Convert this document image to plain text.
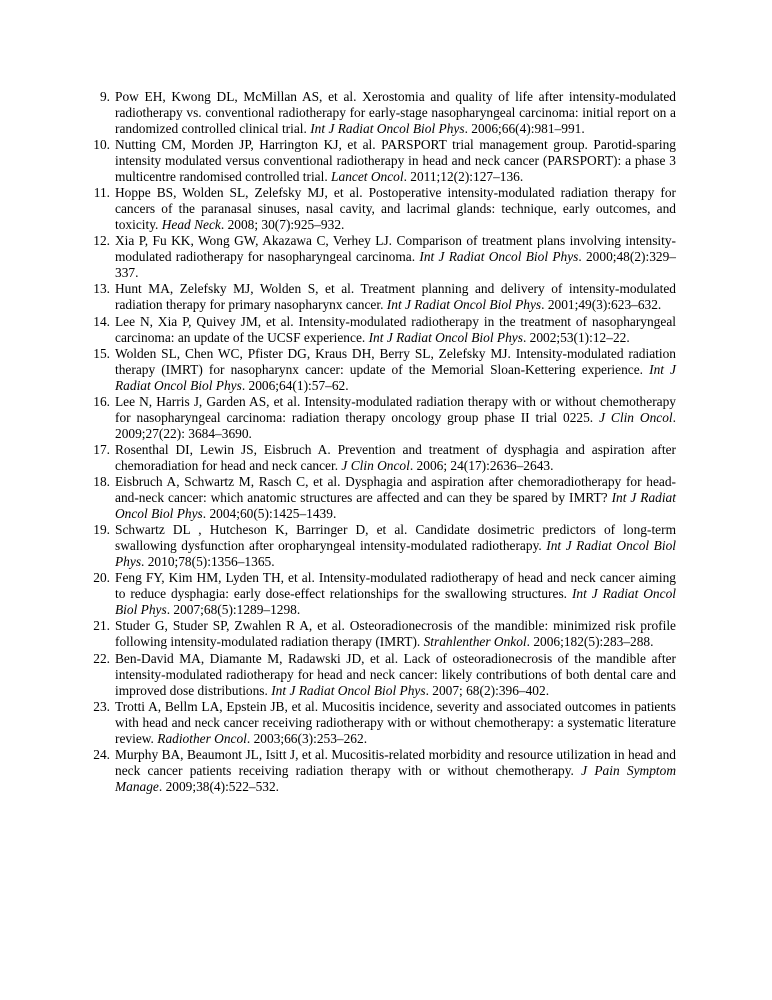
9. Pow EH, Kwong DL, McMillan AS, et al. Xerostomia and quality of life after intensity-modulated radiotherapy vs. conventional radiotherapy for early-stage nasopharyngeal carcinoma: initial report on a randomized controlled clinical trial. Int J Radiat Oncol Biol Phys. 2006;66(4):981–991.
10. Nutting CM, Morden JP, Harrington KJ, et al. PARSPORT trial management group. Parotid-sparing intensity modulated versus conventional radiotherapy in head and neck cancer (PARSPORT): a phase 3 multicentre randomised controlled trial. Lancet Oncol. 2011;12(2):127–136.
11. Hoppe BS, Wolden SL, Zelefsky MJ, et al. Postoperative intensity-modulated radiation therapy for cancers of the paranasal sinuses, nasal cavity, and lacrimal glands: technique, early outcomes, and toxicity. Head Neck. 2008; 30(7):925–932.
12. Xia P, Fu KK, Wong GW, Akazawa C, Verhey LJ. Comparison of treatment plans involving intensity-modulated radiotherapy for nasopharyngeal carcinoma. Int J Radiat Oncol Biol Phys. 2000;48(2):329–337.
13. Hunt MA, Zelefsky MJ, Wolden S, et al. Treatment planning and delivery of intensity-modulated radiation therapy for primary nasopharynx cancer. Int J Radiat Oncol Biol Phys. 2001;49(3):623–632.
14. Lee N, Xia P, Quivey JM, et al. Intensity-modulated radiotherapy in the treatment of nasopharyngeal carcinoma: an update of the UCSF experience. Int J Radiat Oncol Biol Phys. 2002;53(1):12–22.
15. Wolden SL, Chen WC, Pfister DG, Kraus DH, Berry SL, Zelefsky MJ. Intensity-modulated radiation therapy (IMRT) for nasopharynx cancer: update of the Memorial Sloan-Kettering experience. Int J Radiat Oncol Biol Phys. 2006;64(1):57–62.
16. Lee N, Harris J, Garden AS, et al. Intensity-modulated radiation therapy with or without chemotherapy for nasopharyngeal carcinoma: radiation therapy oncology group phase II trial 0225. J Clin Oncol. 2009;27(22): 3684–3690.
17. Rosenthal DI, Lewin JS, Eisbruch A. Prevention and treatment of dysphagia and aspiration after chemoradiation for head and neck cancer. J Clin Oncol. 2006; 24(17):2636–2643.
18. Eisbruch A, Schwartz M, Rasch C, et al. Dysphagia and aspiration after chemoradiotherapy for head-and-neck cancer: which anatomic structures are affected and can they be spared by IMRT? Int J Radiat Oncol Biol Phys. 2004;60(5):1425–1439.
19. Schwartz DL , Hutcheson K, Barringer D, et al. Candidate dosimetric predictors of long-term swallowing dysfunction after oropharyngeal intensity-modulated radiotherapy. Int J Radiat Oncol Biol Phys. 2010;78(5):1356–1365.
20. Feng FY, Kim HM, Lyden TH, et al. Intensity-modulated radiotherapy of head and neck cancer aiming to reduce dysphagia: early dose-effect relationships for the swallowing structures. Int J Radiat Oncol Biol Phys. 2007;68(5):1289–1298.
21. Studer G, Studer SP, Zwahlen R A, et al. Osteoradionecrosis of the mandible: minimized risk profile following intensity-modulated radiation therapy (IMRT). Strahlenther Onkol. 2006;182(5):283–288.
22. Ben-David MA, Diamante M, Radawski JD, et al. Lack of osteoradionecrosis of the mandible after intensity-modulated radiotherapy for head and neck cancer: likely contributions of both dental care and improved dose distributions. Int J Radiat Oncol Biol Phys. 2007; 68(2):396–402.
23. Trotti A, Bellm LA, Epstein JB, et al. Mucositis incidence, severity and associated outcomes in patients with head and neck cancer receiving radiotherapy with or without chemotherapy: a systematic literature review. Radiother Oncol. 2003;66(3):253–262.
24. Murphy BA, Beaumont JL, Isitt J, et al. Mucositis-related morbidity and resource utilization in head and neck cancer patients receiving radiation therapy with or without chemotherapy. J Pain Symptom Manage. 2009;38(4):522–532.
